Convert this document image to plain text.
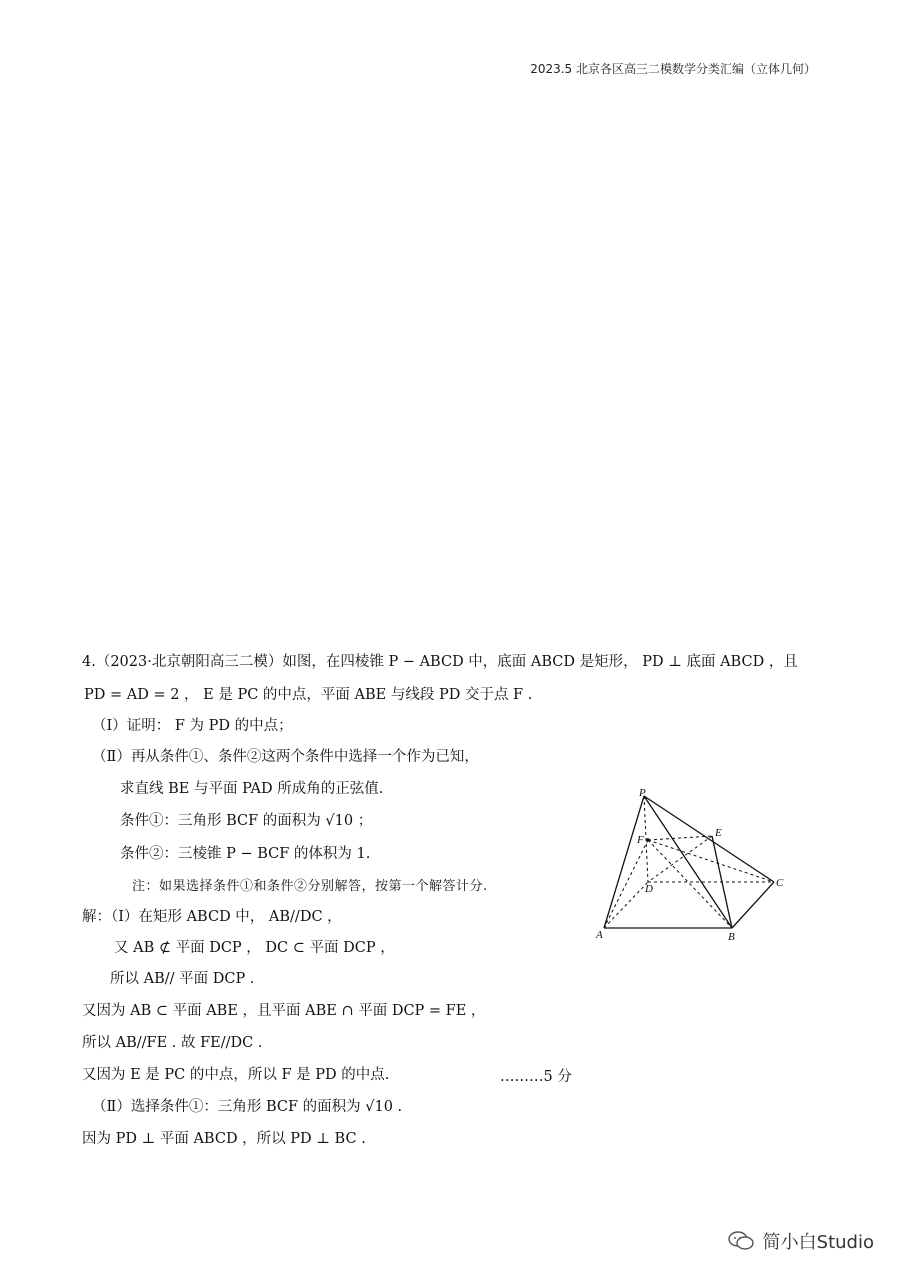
2023.5 北京各区高三二模数学分类汇编（立体几何）
4.（2023·北京朝阳高三二模）如图，在四棱锥 P − ABCD 中，底面 ABCD 是矩形， PD ⊥ 底面 ABCD ，且
PD = AD = 2 ， E 是 PC 的中点，平面 ABE 与线段 PD 交于点 F .
（Ⅰ）证明： F 为 PD 的中点；
（Ⅱ）再从条件①、条件②这两个条件中选择一个作为已知，
求直线 BE 与平面 PAD 所成角的正弦值.
条件①：三角形 BCF 的面积为 √10 ；
条件②：三棱锥 P − BCF 的体积为 1.
注：如果选择条件①和条件②分别解答，按第一个解答计分.
解：（Ⅰ）在矩形 ABCD 中， AB//DC ，
又 AB ⊄ 平面 DCP ， DC ⊂ 平面 DCP ，
所以 AB// 平面 DCP .
又因为 AB ⊂ 平面 ABE ，且平面 ABE ∩ 平面 DCP = FE ，
所以 AB//FE . 故 FE//DC .
又因为 E 是 PC 的中点，所以 F 是 PD 的中点.	………5 分
（Ⅱ）选择条件①：三角形 BCF 的面积为 √10 .
因为 PD ⊥ 平面 ABCD ，所以 PD ⊥ BC .
P
E
F
D	C
A	B
简小白Studio
